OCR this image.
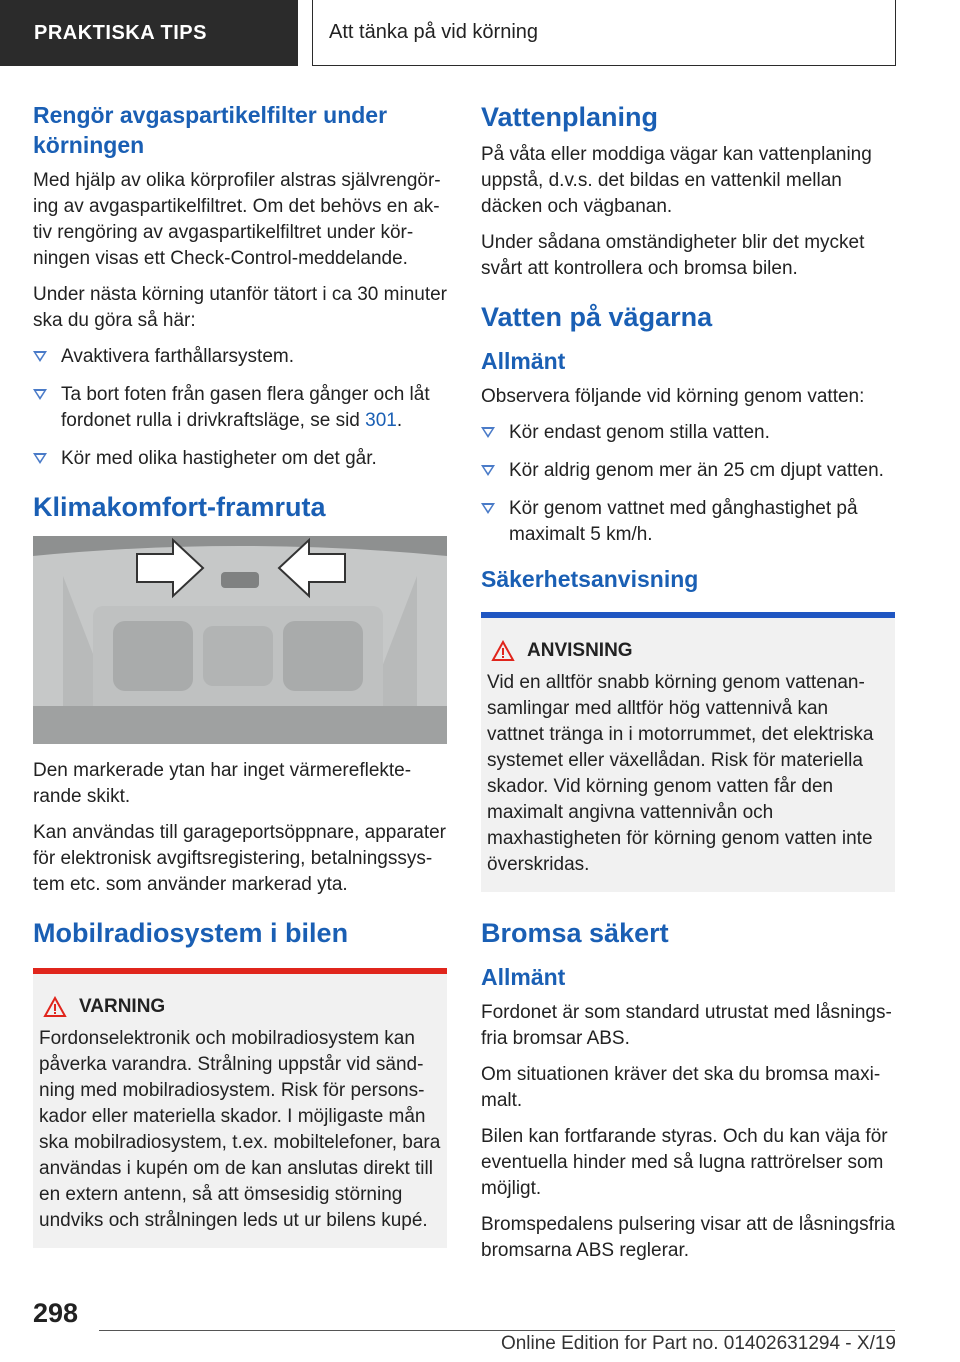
PRAKTISKA TIPS	Att tänka på vid körning
Rengör avgaspartikelfilter under körningen

Med hjälp av olika körprofiler alstras självrengöring av avgaspartikelfiltret. Om det behövs en aktiv rengöring av avgaspartikelfiltret under körningen visas ett Check-Control-meddelande.

Under nästa körning utanför tätort i ca 30 minuter ska du göra så här:

Avaktivera farthållarsystem.
Ta bort foten från gasen flera gånger och låt fordonet rulla i drivkraftsläge, se sid 301.
Kör med olika hastigheter om det går.
Klimakomfort-framruta

Den markerade ytan har inget värmereflekterande skikt.

Kan användas till garageportsöppnare, apparater för elektronisk avgiftsregistering, betalningssystem etc. som använder markerad yta.

Mobilradiosystem i bilen
VARNING

Fordonselektronik och mobilradiosystem kan påverka varandra. Strålning uppstår vid sändning med mobilradiosystem. Risk för personskador eller materiella skador. I möjligaste mån ska mobilradiosystem, t.ex. mobiltelefoner, bara användas i kupén om de kan anslutas direkt till en extern antenn, så att ömsesidig störning undviks och strålningen leds ut ur bilens kupé.

Vattenplaning

På våta eller moddiga vägar kan vattenplaning uppstå, d.v.s. det bildas en vattenkil mellan däcken och vägbanan.

Under sådana omständigheter blir det mycket svårt att kontrollera och bromsa bilen.

Vatten på vägarna
Allmänt

Observera följande vid körning genom vatten:

Kör endast genom stilla vatten.
Kör aldrig genom mer än 25 cm djupt vatten.
Kör genom vattnet med gånghastighet på maximalt 5 km/h.
Säkerhetsanvisning
ANVISNING

Vid en alltför snabb körning genom vattenansamlingar med alltför hög vattennivå kan vattnet tränga in i motorrummet, det elektriska systemet eller växellådan. Risk för materiella skador. Vid körning genom vatten får den maximalt angivna vattennivån och maxhastigheten för körning genom vatten inte överskridas.

Bromsa säkert
Allmänt

Fordonet är som standard utrustat med låsningsfria bromsar ABS.

Om situationen kräver det ska du bromsa maximalt.

Bilen kan fortfarande styras. Och du kan väja för eventuella hinder med så lugna rattrörelser som möjligt.

Bromspedalens pulsering visar att de låsningsfria bromsarna ABS reglerar.

298
Online Edition for Part no. 01402631294 - X/19
